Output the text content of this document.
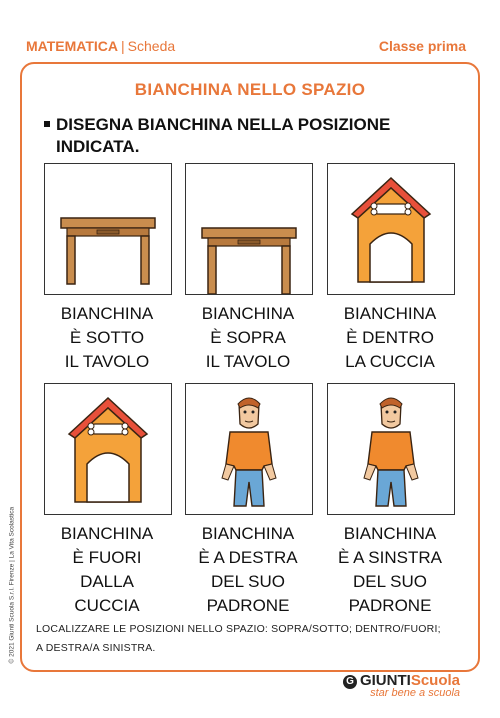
MATEMATICA | Scheda	Classe prima
BIANCHINA NELLO SPAZIO
DISEGNA BIANCHINA NELLA POSIZIONE
INDICATA.
BIANCHINA
È SOTTO
IL TAVOLO
BIANCHINA
È SOPRA
IL TAVOLO
BIANCHINA
È DENTRO
LA CUCCIA
BIANCHINA
È FUORI
DALLA
CUCCIA
BIANCHINA
È A DESTRA
DEL SUO
PADRONE
BIANCHINA
È A SINSTRA
DEL SUO
PADRONE
LOCALIZZARE LE POSIZIONI NELLO SPAZIO: SOPRA/SOTTO; DENTRO/FUORI;
A DESTRA/A SINISTRA.
© 2021 Giunti Scuola S.r.l. Firenze | La Vita Scolastica
G GIUNTIScuola
star bene a scuola
